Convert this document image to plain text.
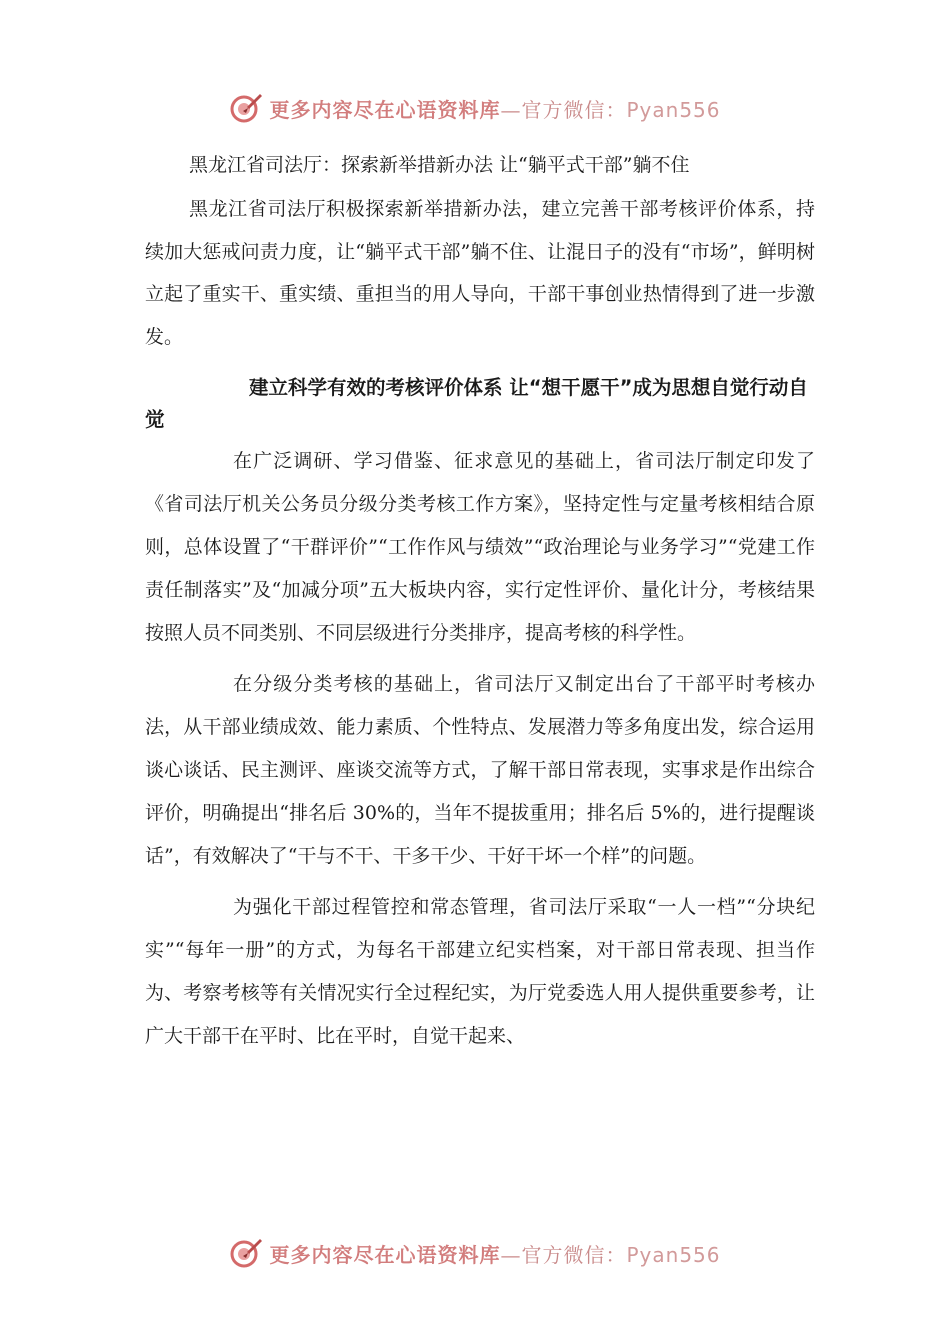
更多内容尽在心语资料库—官方微信：Pyan556

黑龙江省司法厅：探索新举措新办法 让“躺平式干部”躺不住

黑龙江省司法厅积极探索新举措新办法，建立完善干部考核评价体系，持续加大惩戒问责力度，让“躺平式干部”躺不住、让混日子的没有“市场”，鲜明树立起了重实干、重实绩、重担当的用人导向，干部干事创业热情得到了进一步激发。

建立科学有效的考核评价体系 让“想干愿干”成为思想自觉行动自觉

在广泛调研、学习借鉴、征求意见的基础上，省司法厅制定印发了《省司法厅机关公务员分级分类考核工作方案》，坚持定性与定量考核相结合原则，总体设置了“干群评价”“工作作风与绩效”“政治理论与业务学习”“党建工作责任制落实”及“加减分项”五大板块内容，实行定性评价、量化计分，考核结果按照人员不同类别、不同层级进行分类排序，提高考核的科学性。

在分级分类考核的基础上，省司法厅又制定出台了干部平时考核办法，从干部业绩成效、能力素质、个性特点、发展潜力等多角度出发，综合运用谈心谈话、民主测评、座谈交流等方式，了解干部日常表现，实事求是作出综合评价，明确提出“排名后 30%的，当年不提拔重用；排名后 5%的，进行提醒谈话”，有效解决了“干与不干、干多干少、干好干坏一个样”的问题。

为强化干部过程管控和常态管理，省司法厅采取“一人一档”“分块纪实”“每年一册”的方式，为每名干部建立纪实档案，对干部日常表现、担当作为、考察考核等有关情况实行全过程纪实，为厅党委选人用人提供重要参考，让广大干部干在平时、比在平时，自觉干起来、

更多内容尽在心语资料库—官方微信：Pyan556
